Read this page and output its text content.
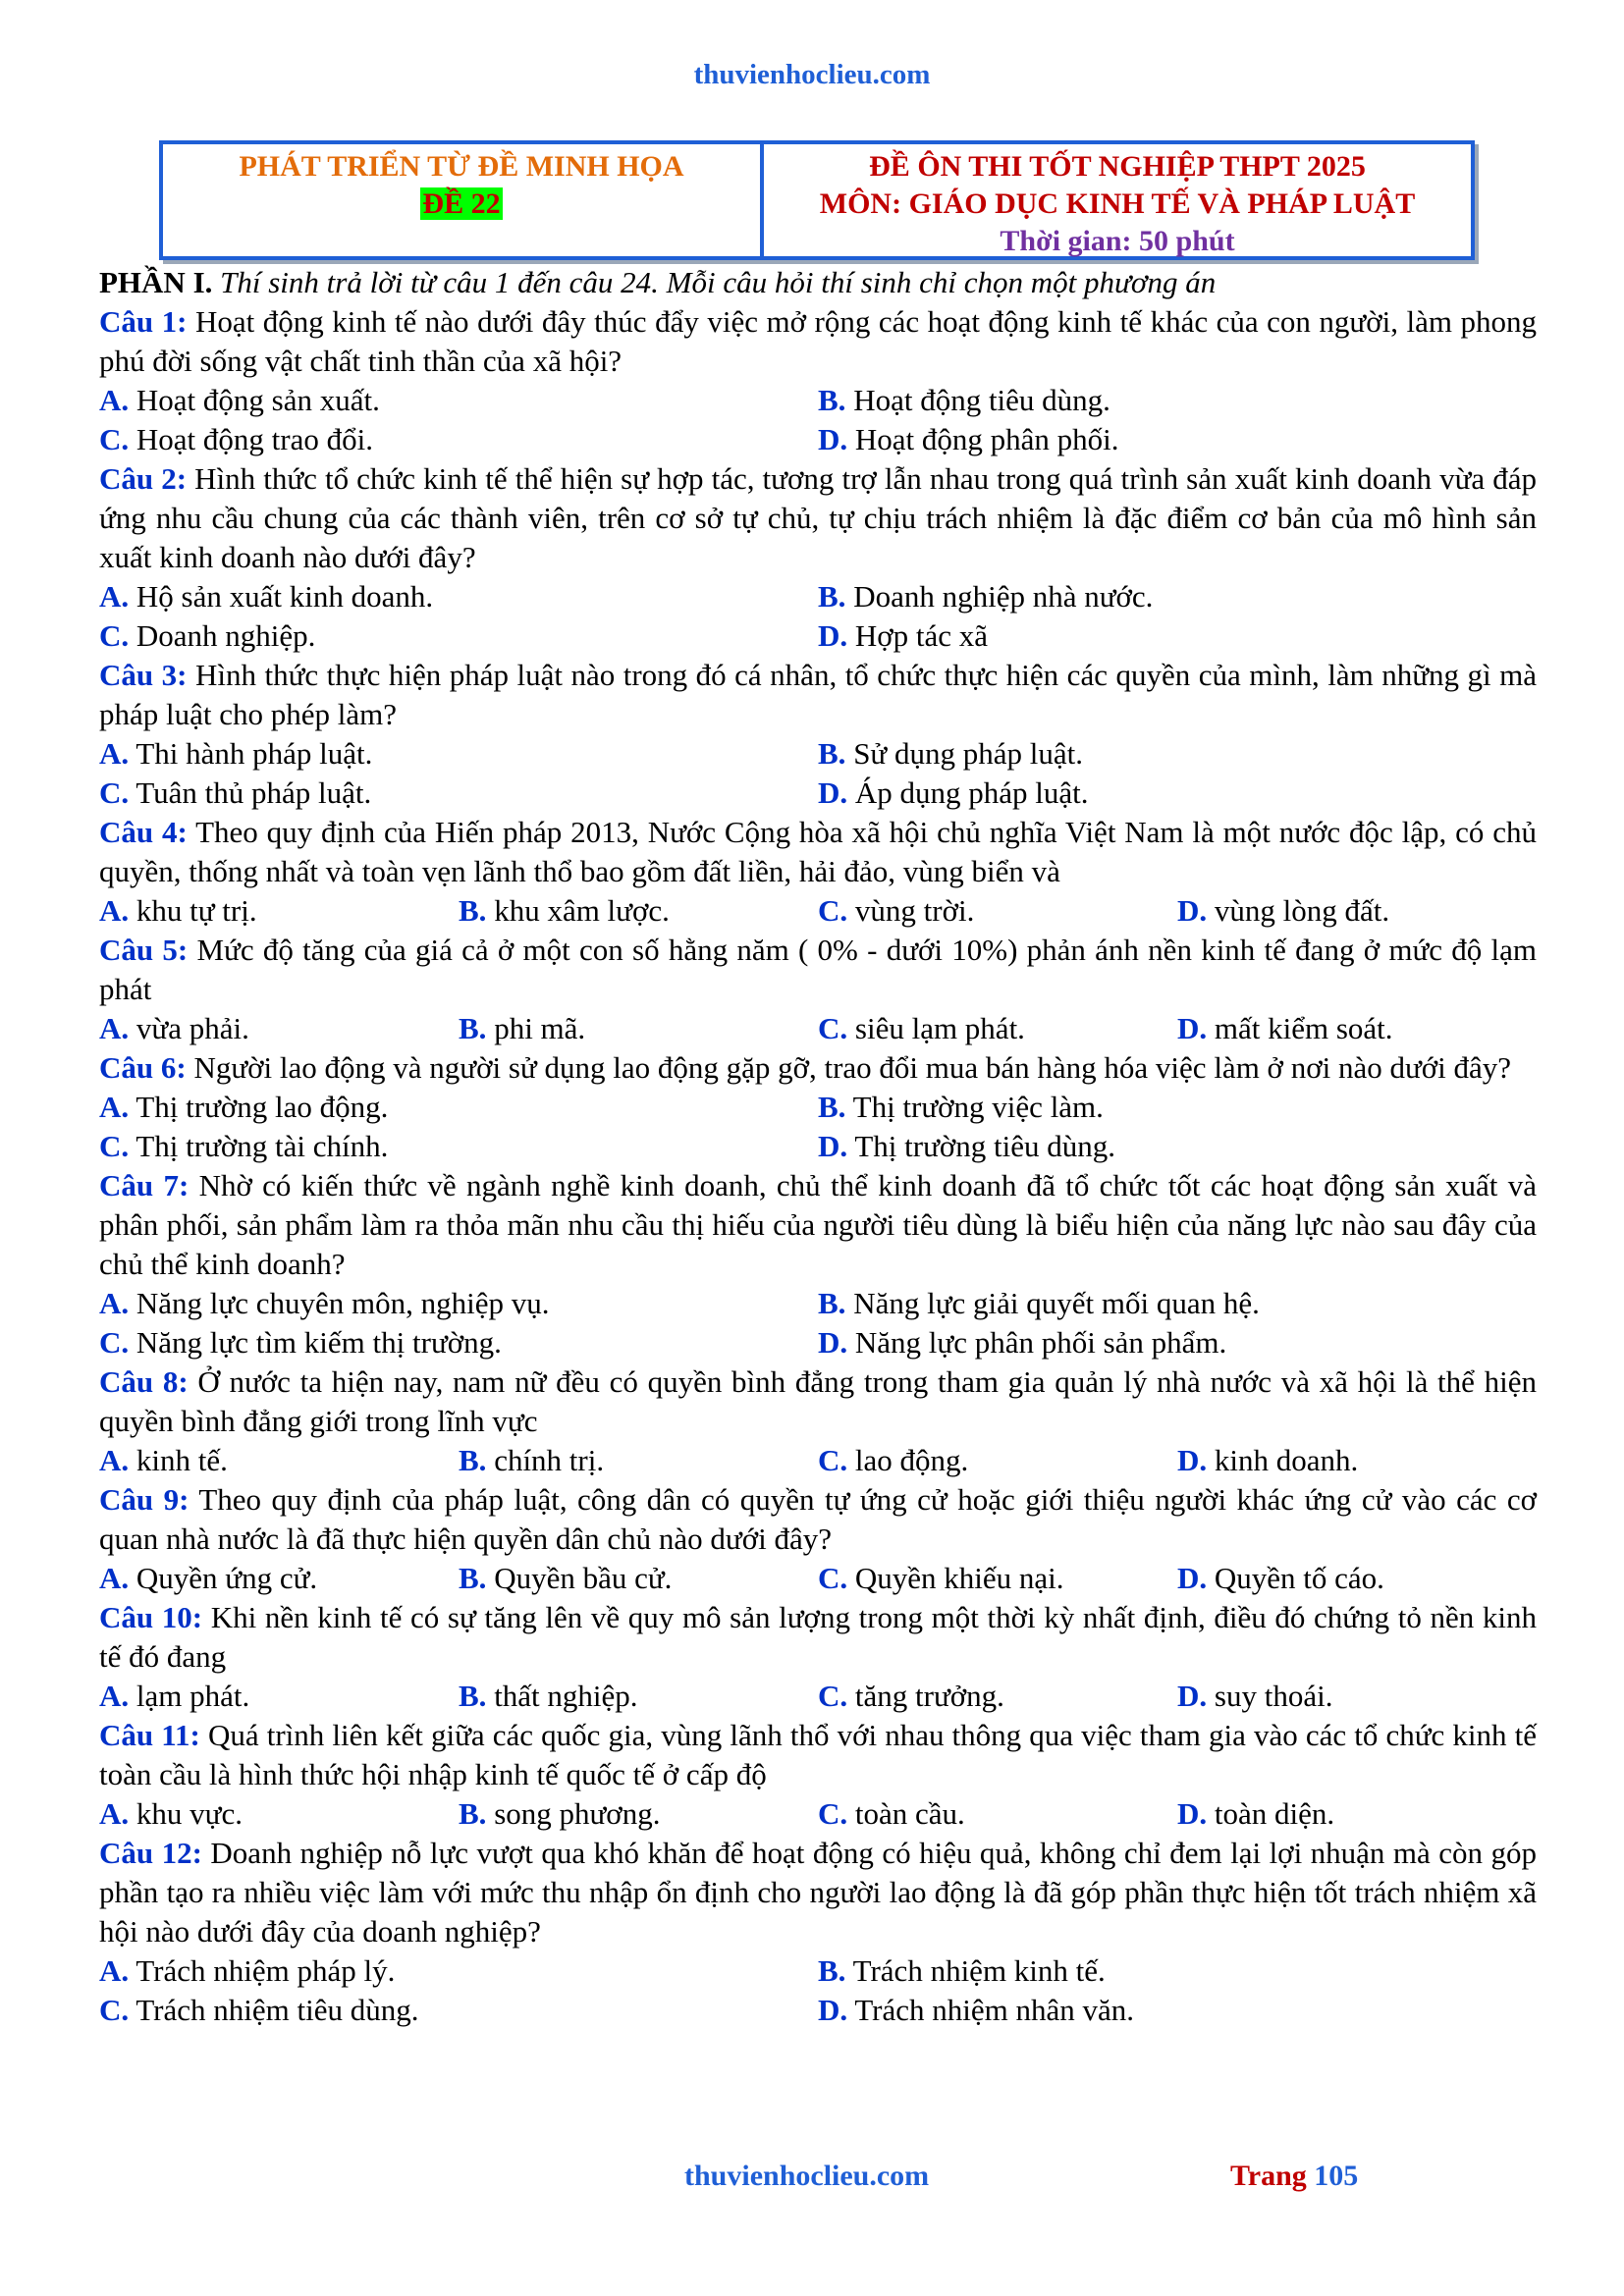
thuvienhoclieu.com
PHÁT TRIỂN TỪ ĐỀ MINH HỌA
ĐỀ 22
ĐỀ ÔN THI TỐT NGHIỆP THPT 2025
MÔN: GIÁO DỤC KINH TẾ VÀ PHÁP LUẬT
Thời gian: 50 phút
PHẦN I. Thí sinh trả lời từ câu 1 đến câu 24. Mỗi câu hỏi thí sinh chỉ chọn một phương án
Câu 1: Hoạt động kinh tế nào dưới đây thúc đẩy việc mở rộng các hoạt động kinh tế khác của con người, làm phong phú đời sống vật chất tinh thần của xã hội?
A. Hoạt động sản xuất.	B. Hoạt động tiêu dùng.
C. Hoạt động trao đổi.	D. Hoạt động phân phối.
Câu 2: Hình thức tổ chức kinh tế thể hiện sự hợp tác, tương trợ lẫn nhau trong quá trình sản xuất kinh doanh vừa đáp ứng nhu cầu chung của các thành viên, trên cơ sở tự chủ, tự chịu trách nhiệm là đặc điểm cơ bản của mô hình sản xuất kinh doanh nào dưới đây?
A. Hộ sản xuất kinh doanh.	B. Doanh nghiệp nhà nước.
C. Doanh nghiệp.	D. Hợp tác xã
Câu 3: Hình thức thực hiện pháp luật nào trong đó cá nhân, tổ chức thực hiện các quyền của mình, làm những gì mà pháp luật cho phép làm?
A. Thi hành pháp luật.	B. Sử dụng pháp luật.
C. Tuân thủ pháp luật.	D. Áp dụng pháp luật.
Câu 4: Theo quy định của Hiến pháp 2013, Nước Cộng hòa xã hội chủ nghĩa Việt Nam là một nước độc lập, có chủ quyền, thống nhất và toàn vẹn lãnh thổ bao gồm đất liền, hải đảo, vùng biển và
A. khu tự trị.	B. khu xâm lược.	C. vùng trời.	D. vùng lòng đất.
Câu 5: Mức độ tăng của giá cả ở một con số hằng năm ( 0% - dưới 10%) phản ánh nền kinh tế đang ở mức độ lạm phát
A. vừa phải.	B. phi mã.	C. siêu lạm phát.	D. mất kiểm soát.
Câu 6: Người lao động và người sử dụng lao động gặp gỡ, trao đổi mua bán hàng hóa việc làm ở nơi nào dưới đây?
A. Thị trường lao động.	B. Thị trường việc làm.
C. Thị trường tài chính.	D. Thị trường tiêu dùng.
Câu 7: Nhờ có kiến thức về ngành nghề kinh doanh, chủ thể kinh doanh đã tổ chức tốt các hoạt động sản xuất và phân phối, sản phẩm làm ra thỏa mãn nhu cầu thị hiếu của người tiêu dùng là biểu hiện của năng lực nào sau đây của chủ thể kinh doanh?
A. Năng lực chuyên môn, nghiệp vụ.	B. Năng lực giải quyết mối quan hệ.
C. Năng lực tìm kiếm thị trường.	D. Năng lực phân phối sản phẩm.
Câu 8: Ở nước ta hiện nay, nam nữ đều có quyền bình đẳng trong tham gia quản lý nhà nước và xã hội là thể hiện quyền bình đẳng giới trong lĩnh vực
A. kinh tế.	B. chính trị.	C. lao động.	D. kinh doanh.
Câu 9: Theo quy định của pháp luật, công dân có quyền tự ứng cử hoặc giới thiệu người khác ứng cử vào các cơ quan nhà nước là đã thực hiện quyền dân chủ nào dưới đây?
A. Quyền ứng cử.	B. Quyền bầu cử.	C. Quyền khiếu nại.	D. Quyền tố cáo.
Câu 10: Khi nền kinh tế có sự tăng lên về quy mô sản lượng trong một thời kỳ nhất định, điều đó chứng tỏ nền kinh tế đó đang
A. lạm phát.	B. thất nghiệp.	C. tăng trưởng.	D. suy thoái.
Câu 11: Quá trình liên kết giữa các quốc gia, vùng lãnh thổ với nhau thông qua việc tham gia vào các tổ chức kinh tế toàn cầu là hình thức hội nhập kinh tế quốc tế ở cấp độ
A. khu vực.	B. song phương.	C. toàn cầu.	D. toàn diện.
Câu 12: Doanh nghiệp nỗ lực vượt qua khó khăn để hoạt động có hiệu quả, không chỉ đem lại lợi nhuận mà còn góp phần tạo ra nhiều việc làm với mức thu nhập ổn định cho người lao động là đã góp phần thực hiện tốt trách nhiệm xã hội nào dưới đây của doanh nghiệp?
A. Trách nhiệm pháp lý.	B. Trách nhiệm kinh tế.
C. Trách nhiệm tiêu dùng.	D. Trách nhiệm nhân văn.
thuvienhoclieu.com	Trang 105
